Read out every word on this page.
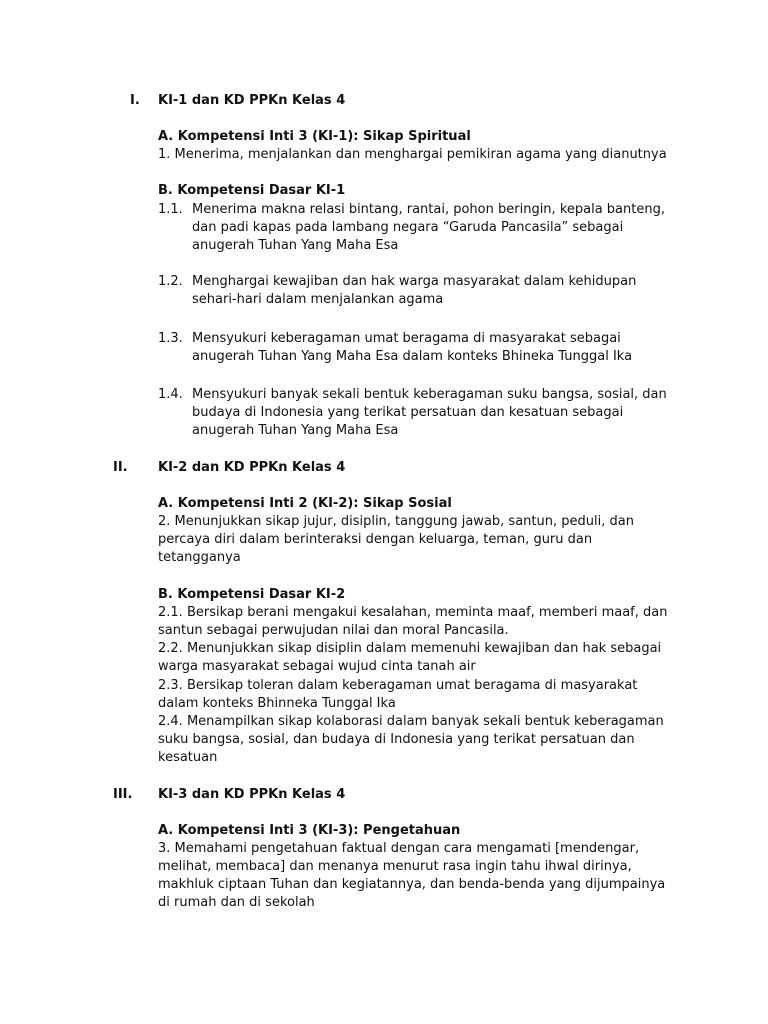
I. KI-1 dan KD PPKn Kelas 4
A. Kompetensi Inti 3 (KI-1): Sikap Spiritual
1. Menerima, menjalankan dan menghargai pemikiran agama yang dianutnya
B. Kompetensi Dasar KI-1
1.1. Menerima makna relasi bintang, rantai, pohon beringin, kepala banteng,
dan padi kapas pada lambang negara “Garuda Pancasila” sebagai
anugerah Tuhan Yang Maha Esa
1.2. Menghargai kewajiban dan hak warga masyarakat dalam kehidupan
sehari-hari dalam menjalankan agama
1.3. Mensyukuri keberagaman umat beragama di masyarakat sebagai
anugerah Tuhan Yang Maha Esa dalam konteks Bhineka Tunggal Ika
1.4. Mensyukuri banyak sekali bentuk keberagaman suku bangsa, sosial, dan
budaya di Indonesia yang terikat persatuan dan kesatuan sebagai
anugerah Tuhan Yang Maha Esa
II. KI-2 dan KD PPKn Kelas 4
A. Kompetensi Inti 2 (KI-2): Sikap Sosial
2. Menunjukkan sikap jujur, disiplin, tanggung jawab, santun, peduli, dan
percaya diri dalam berinteraksi dengan keluarga, teman, guru dan
tetangganya
B. Kompetensi Dasar KI-2
2.1. Bersikap berani mengakui kesalahan, meminta maaf, memberi maaf, dan
santun sebagai perwujudan nilai dan moral Pancasila.
2.2. Menunjukkan sikap disiplin dalam memenuhi kewajiban dan hak sebagai
warga masyarakat sebagai wujud cinta tanah air
2.3. Bersikap toleran dalam keberagaman umat beragama di masyarakat
dalam konteks Bhinneka Tunggal Ika
2.4. Menampilkan sikap kolaborasi dalam banyak sekali bentuk keberagaman
suku bangsa, sosial, dan budaya di Indonesia yang terikat persatuan dan
kesatuan
III. KI-3 dan KD PPKn Kelas 4
A. Kompetensi Inti 3 (KI-3): Pengetahuan
3. Memahami pengetahuan faktual dengan cara mengamati [mendengar,
melihat, membaca] dan menanya menurut rasa ingin tahu ihwal dirinya,
makhluk ciptaan Tuhan dan kegiatannya, dan benda-benda yang dijumpainya
di rumah dan di sekolah
